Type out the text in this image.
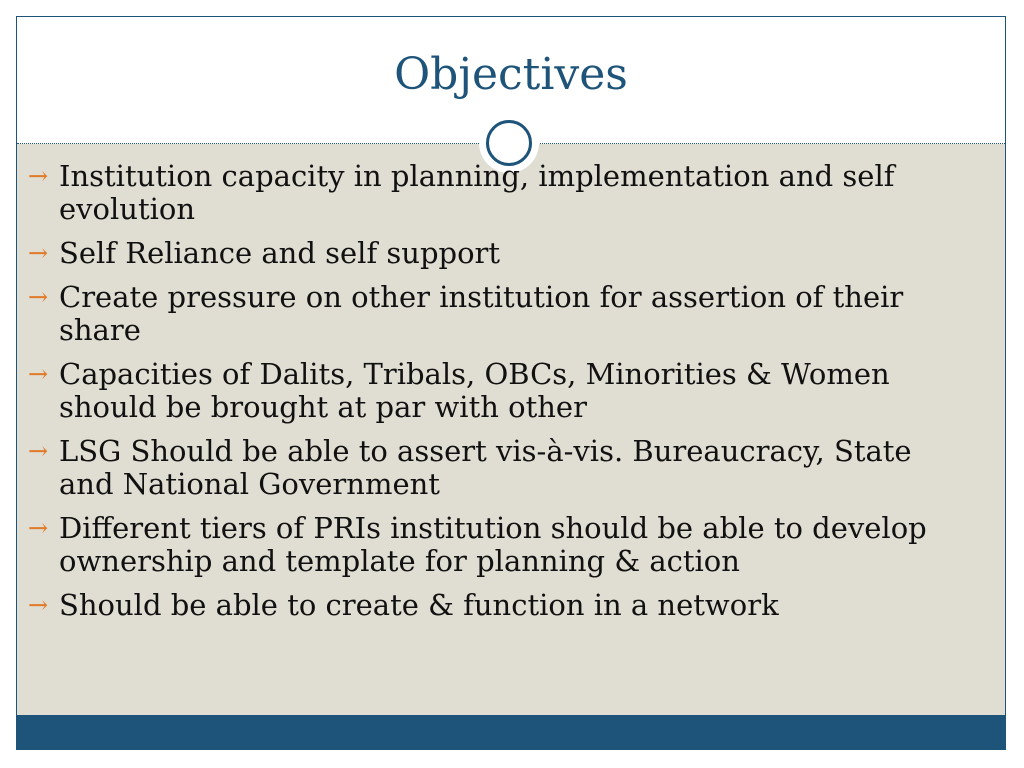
Objectives
→ Institution capacity in planning, implementation and self evolution
→ Self Reliance and self support
→ Create pressure on other institution for assertion of their share
→ Capacities of Dalits, Tribals, OBCs, Minorities & Women should be brought at par with other
→ LSG Should be able to assert vis-à-vis. Bureaucracy, State and National Government
→ Different tiers of PRIs institution should be able to develop ownership and template for planning & action
→ Should be able to create & function in a network
